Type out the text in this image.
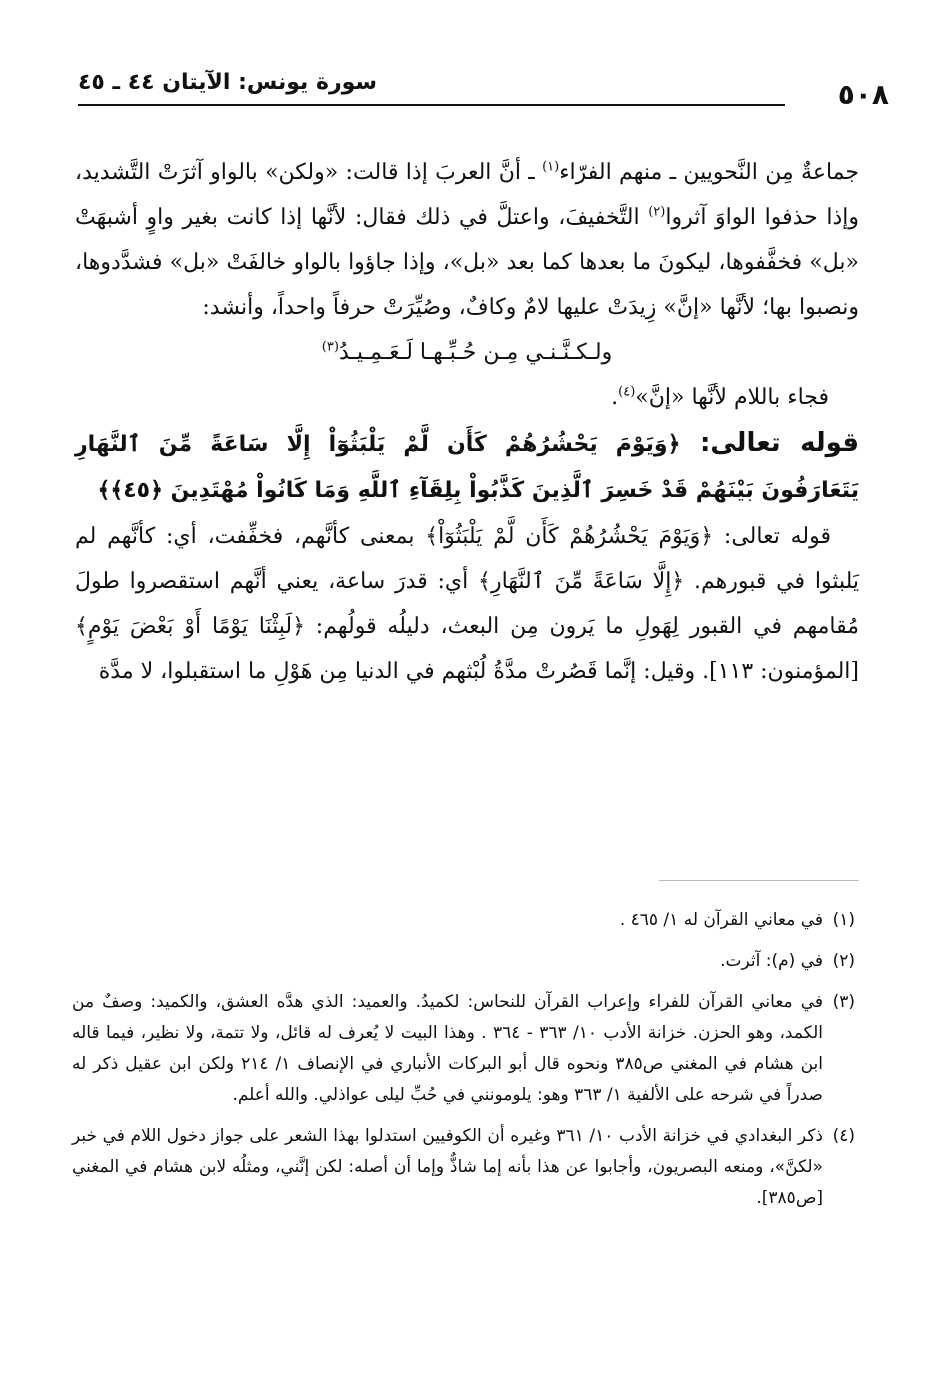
٥٠٨
سورة يونس: الآيتان ٤٤ ـ ٤٥

جماعةٌ مِن النَّحويين ـ منهم الفرّاء$^{(١)}$ ـ أنَّ العربَ إذا قالت: «ولكن» بالواو آثرَتْ التَّشديد، وإذا حذفوا الواوَ آثروا$^{(٢)}$ التَّخفيفَ، واعتلَّ في ذلك فقال: لأنَّها إذا كانت بغير واوٍ أشبهَتْ «بل» فخفَّفوها، ليكونَ ما بعدها كما بعد «بل»، وإذا جاؤوا بالواو خالفَتْ «بل» فشدَّدوها، ونصبوا بها؛ لأنَّها «إنَّ» زِيدَتْ عليها لامٌ وكافٌ، وصُيِّرَتْ حرفاً واحداً، وأنشد:

ولـكـنَّـنـي مِـن حُـبِّـهـا لَـعَـمِـيـدُ$^{(٣)}$

فجاء باللام لأنَّها «إنَّ»$^{(٤)}$.

قوله تعالى: ﴿وَيَوْمَ يَحْشُرُهُمْ كَأَن لَّمْ يَلْبَثُوٓاْ إِلَّا سَاعَةً مِّنَ ٱلنَّهَارِ يَتَعَارَفُونَ بَيْنَهُمْ قَدْ خَسِرَ ٱلَّذِينَ كَذَّبُواْ بِلِقَآءِ ٱللَّهِ وَمَا كَانُواْ مُهْتَدِينَ ﴿٤٥﴾﴾

قوله تعالى: ﴿وَيَوْمَ يَحْشُرُهُمْ كَأَن لَّمْ يَلْبَثُوٓاْ﴾ بمعنى كأنَّهم، فخفِّفت، أي: كأنَّهم لم يَلبثوا في قبورهم. ﴿إِلَّا سَاعَةً مِّنَ ٱلنَّهَارِ﴾ أي: قدرَ ساعة، يعني أنَّهم استقصروا طولَ مُقامهم في القبور لِهَولِ ما يَرون مِن البعث، دليلُه قولُهم: ﴿لَبِثْنَا يَوْمًا أَوْ بَعْضَ يَوْمٍ﴾ [المؤمنون: ١١٣]. وقيل: إنَّما قَصُرتْ مدَّةُ لُبْثهم في الدنيا مِن هَوْلِ ما استقبلوا، لا مدَّة

(١)في معاني القرآن له ١/ ٤٦٥ .

(٢)في (م): آثرت.

(٣)في معاني القرآن للفراء وإعراب القرآن للنحاس: لكميدُ. والعميد: الذي هدَّه العشق، والكميد: وصفٌ من الكمد، وهو الحزن. خزانة الأدب ١٠/ ٣٦٣ - ٣٦٤ . وهذا البيت لا يُعرف له قائل، ولا تتمة، ولا نظير، فيما قاله ابن هشام في المغني ص٣٨٥ ونحوه قال أبو البركات الأنباري في الإنصاف ١/ ٢١٤ ولكن ابن عقيل ذكر له صدراً في شرحه على الألفية ١/ ٣٦٣ وهو: يلومونني في حُبِّ ليلى عواذلي. والله أعلم.

(٤)ذكر البغدادي في خزانة الأدب ١٠/ ٣٦١ وغيره أن الكوفيين استدلوا بهذا الشعر على جواز دخول اللام في خبر «لكنَّ»، ومنعه البصريون، وأجابوا عن هذا بأنه إما شاذٌّ وإما أن أصله: لكن إنَّني، ومثلُه لابن هشام في المغني [ص٣٨٥].
